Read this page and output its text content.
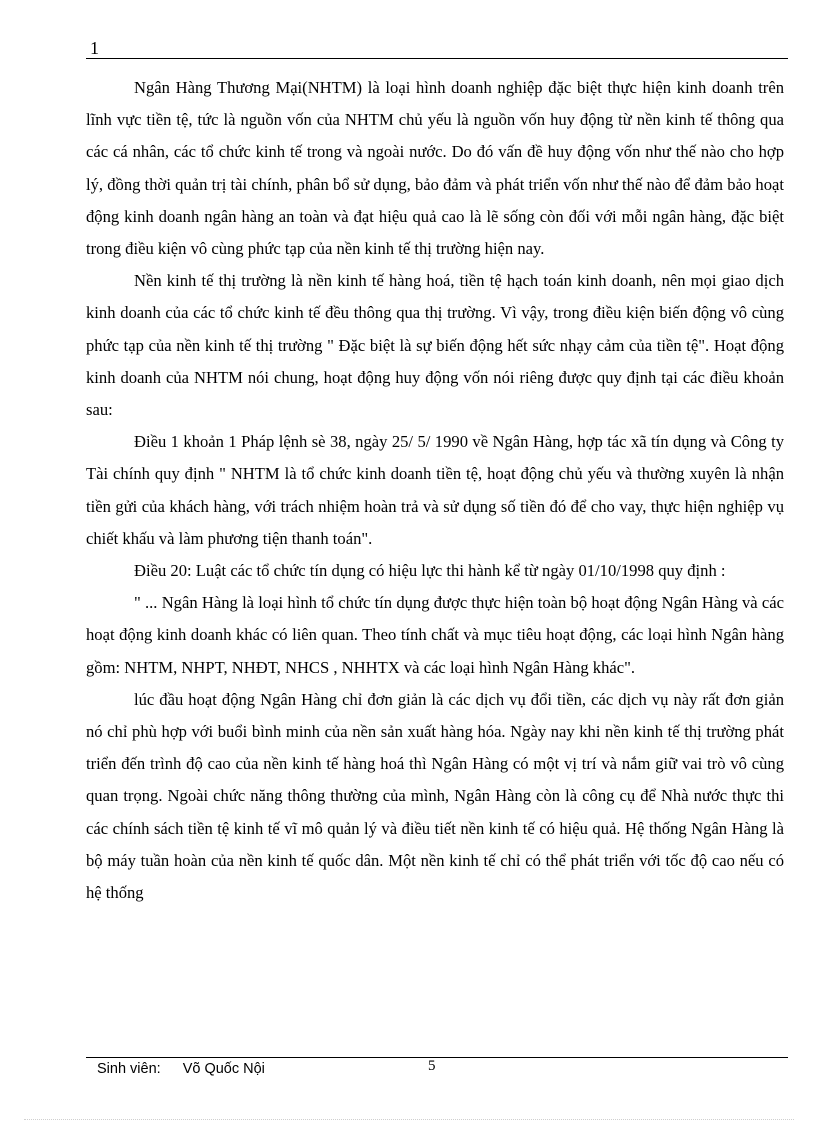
1

Ngân Hàng Thương Mại(NHTM) là loại hình doanh nghiệp đặc biệt thực hiện kinh doanh trên lĩnh vực tiền tệ, tức là nguồn vốn của NHTM chủ yếu là nguồn vốn huy động từ nền kinh tế thông qua các cá nhân, các tổ chức kinh tế trong và ngoài nước. Do đó vấn đề huy động vốn như thế nào cho hợp lý, đồng thời quản trị tài chính, phân bổ sử dụng, bảo đảm và phát triển vốn như thế nào để đảm bảo hoạt động kinh doanh ngân hàng an toàn và đạt hiệu quả cao là lẽ sống còn đối với mỗi ngân hàng, đặc biệt trong điều kiện vô cùng phức tạp của nền kinh tế thị trường hiện nay.

Nền kinh tế thị trường là nền kinh tế hàng hoá, tiền tệ hạch toán kinh doanh, nên mọi giao dịch kinh doanh của các tổ chức kinh tế đều thông qua thị trường. Vì vậy, trong điều kiện biến động vô cùng phức tạp của nền kinh tế thị trường " Đặc biệt là sự biến động hết sức nhạy cảm của tiền tệ". Hoạt động kinh doanh của NHTM nói chung, hoạt động huy động vốn nói riêng được quy định tại các điều khoản sau:

Điều 1 khoản 1 Pháp lệnh sè 38, ngày 25/ 5/ 1990 về Ngân Hàng, hợp tác xã tín dụng và Công ty Tài chính quy định " NHTM là tổ chức kinh doanh tiền tệ, hoạt động chủ yếu và thường xuyên là nhận tiền gửi của khách hàng, với trách nhiệm hoàn trả và sử dụng số tiền đó để cho vay, thực hiện nghiệp vụ chiết khấu và làm phương tiện thanh toán".

Điều 20: Luật các tổ chức tín dụng có hiệu lực thi hành kể từ ngày 01/10/1998 quy định :

" ... Ngân Hàng là loại hình tổ chức tín dụng được thực hiện toàn bộ hoạt động Ngân Hàng và các hoạt động kinh doanh khác có liên quan. Theo tính chất và mục tiêu hoạt động, các loại hình Ngân hàng gồm: NHTM, NHPT, NHĐT, NHCS , NHHTX và các loại hình Ngân Hàng khác".

lúc đầu hoạt động Ngân Hàng chỉ đơn giản là các dịch vụ đổi tiền, các dịch vụ này rất đơn giản nó chỉ phù hợp với buổi bình minh của nền sản xuất hàng hóa. Ngày nay khi nền kinh tế thị trường phát triển đến trình độ cao của nền kinh tế hàng hoá thì Ngân Hàng có một vị trí và nắm giữ vai trò vô cùng quan trọng. Ngoài chức năng thông thường của mình, Ngân Hàng còn là công cụ để Nhà nước thực thi các chính sách tiền tệ kinh tế vĩ mô quản lý và điều tiết nền kinh tế có hiệu quả. Hệ thống Ngân Hàng là bộ máy tuần hoàn của nền kinh tế quốc dân. Một nền kinh tế chỉ có thể phát triển với tốc độ cao nếu có hệ thống

Sinh viên: Võ Quốc Nội	5
